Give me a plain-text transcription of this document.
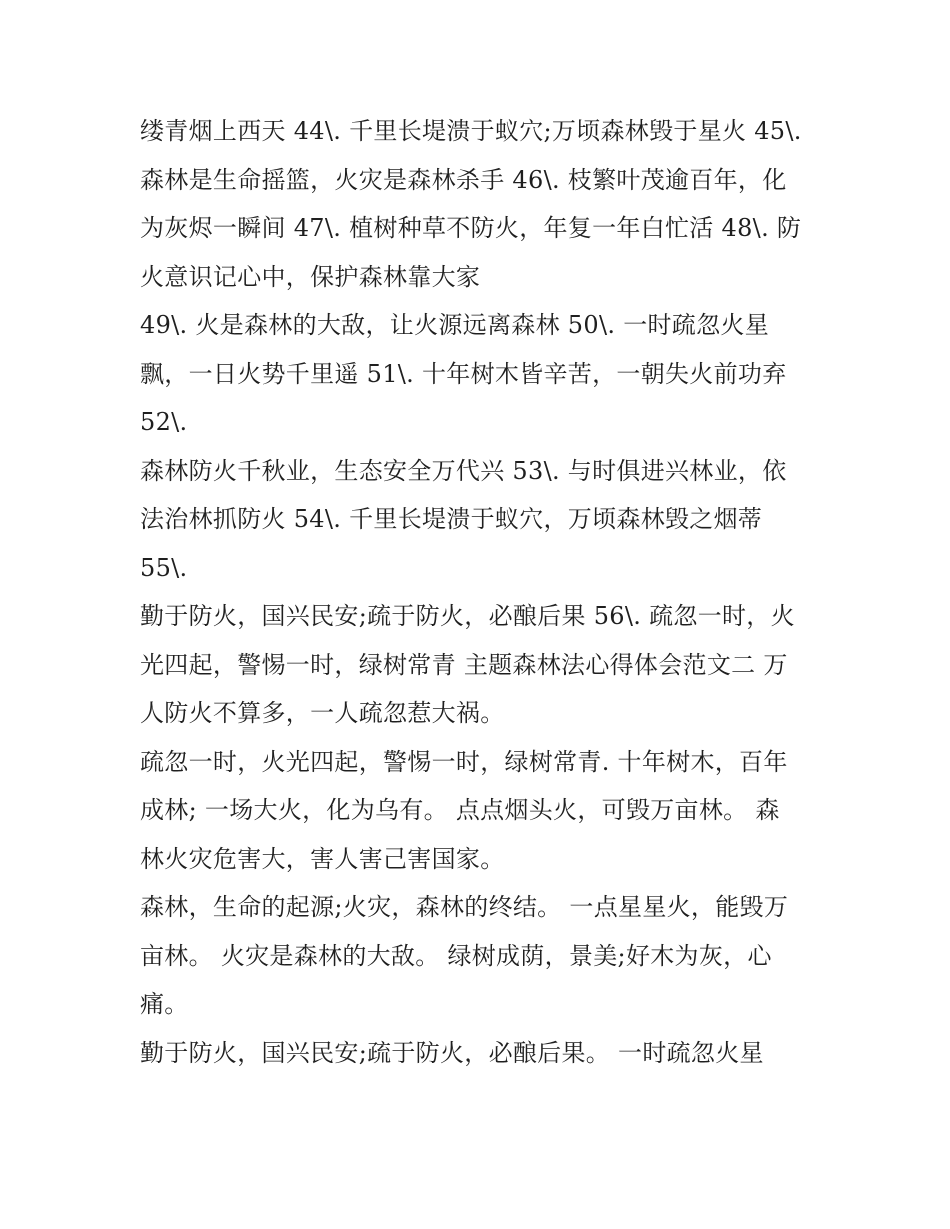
缕青烟上西天 44\. 千里长堤溃于蚁穴;万顷森林毁于星火 45\.

森林是生命摇篮，火灾是森林杀手 46\. 枝繁叶茂逾百年，化

为灰烬一瞬间 47\. 植树种草不防火，年复一年白忙活 48\. 防

火意识记心中，保护森林靠大家

49\. 火是森林的大敌，让火源远离森林 50\. 一时疏忽火星

飘，一日火势千里遥 51\. 十年树木皆辛苦，一朝失火前功弃

52\.

森林防火千秋业，生态安全万代兴 53\. 与时俱进兴林业，依

法治林抓防火 54\. 千里长堤溃于蚁穴，万顷森林毁之烟蒂

55\.

勤于防火，国兴民安;疏于防火，必酿后果 56\. 疏忽一时，火

光四起，警惕一时，绿树常青 主题森林法心得体会范文二 万

人防火不算多，一人疏忽惹大祸。

疏忽一时，火光四起，警惕一时，绿树常青. 十年树木，百年

成林; 一场大火，化为乌有。 点点烟头火，可毁万亩林。 森

林火灾危害大，害人害己害国家。

森林，生命的起源;火灾，森林的终结。 一点星星火，能毁万

亩林。 火灾是森林的大敌。 绿树成荫，景美;好木为灰，心

痛。

勤于防火，国兴民安;疏于防火，必酿后果。 一时疏忽火星
